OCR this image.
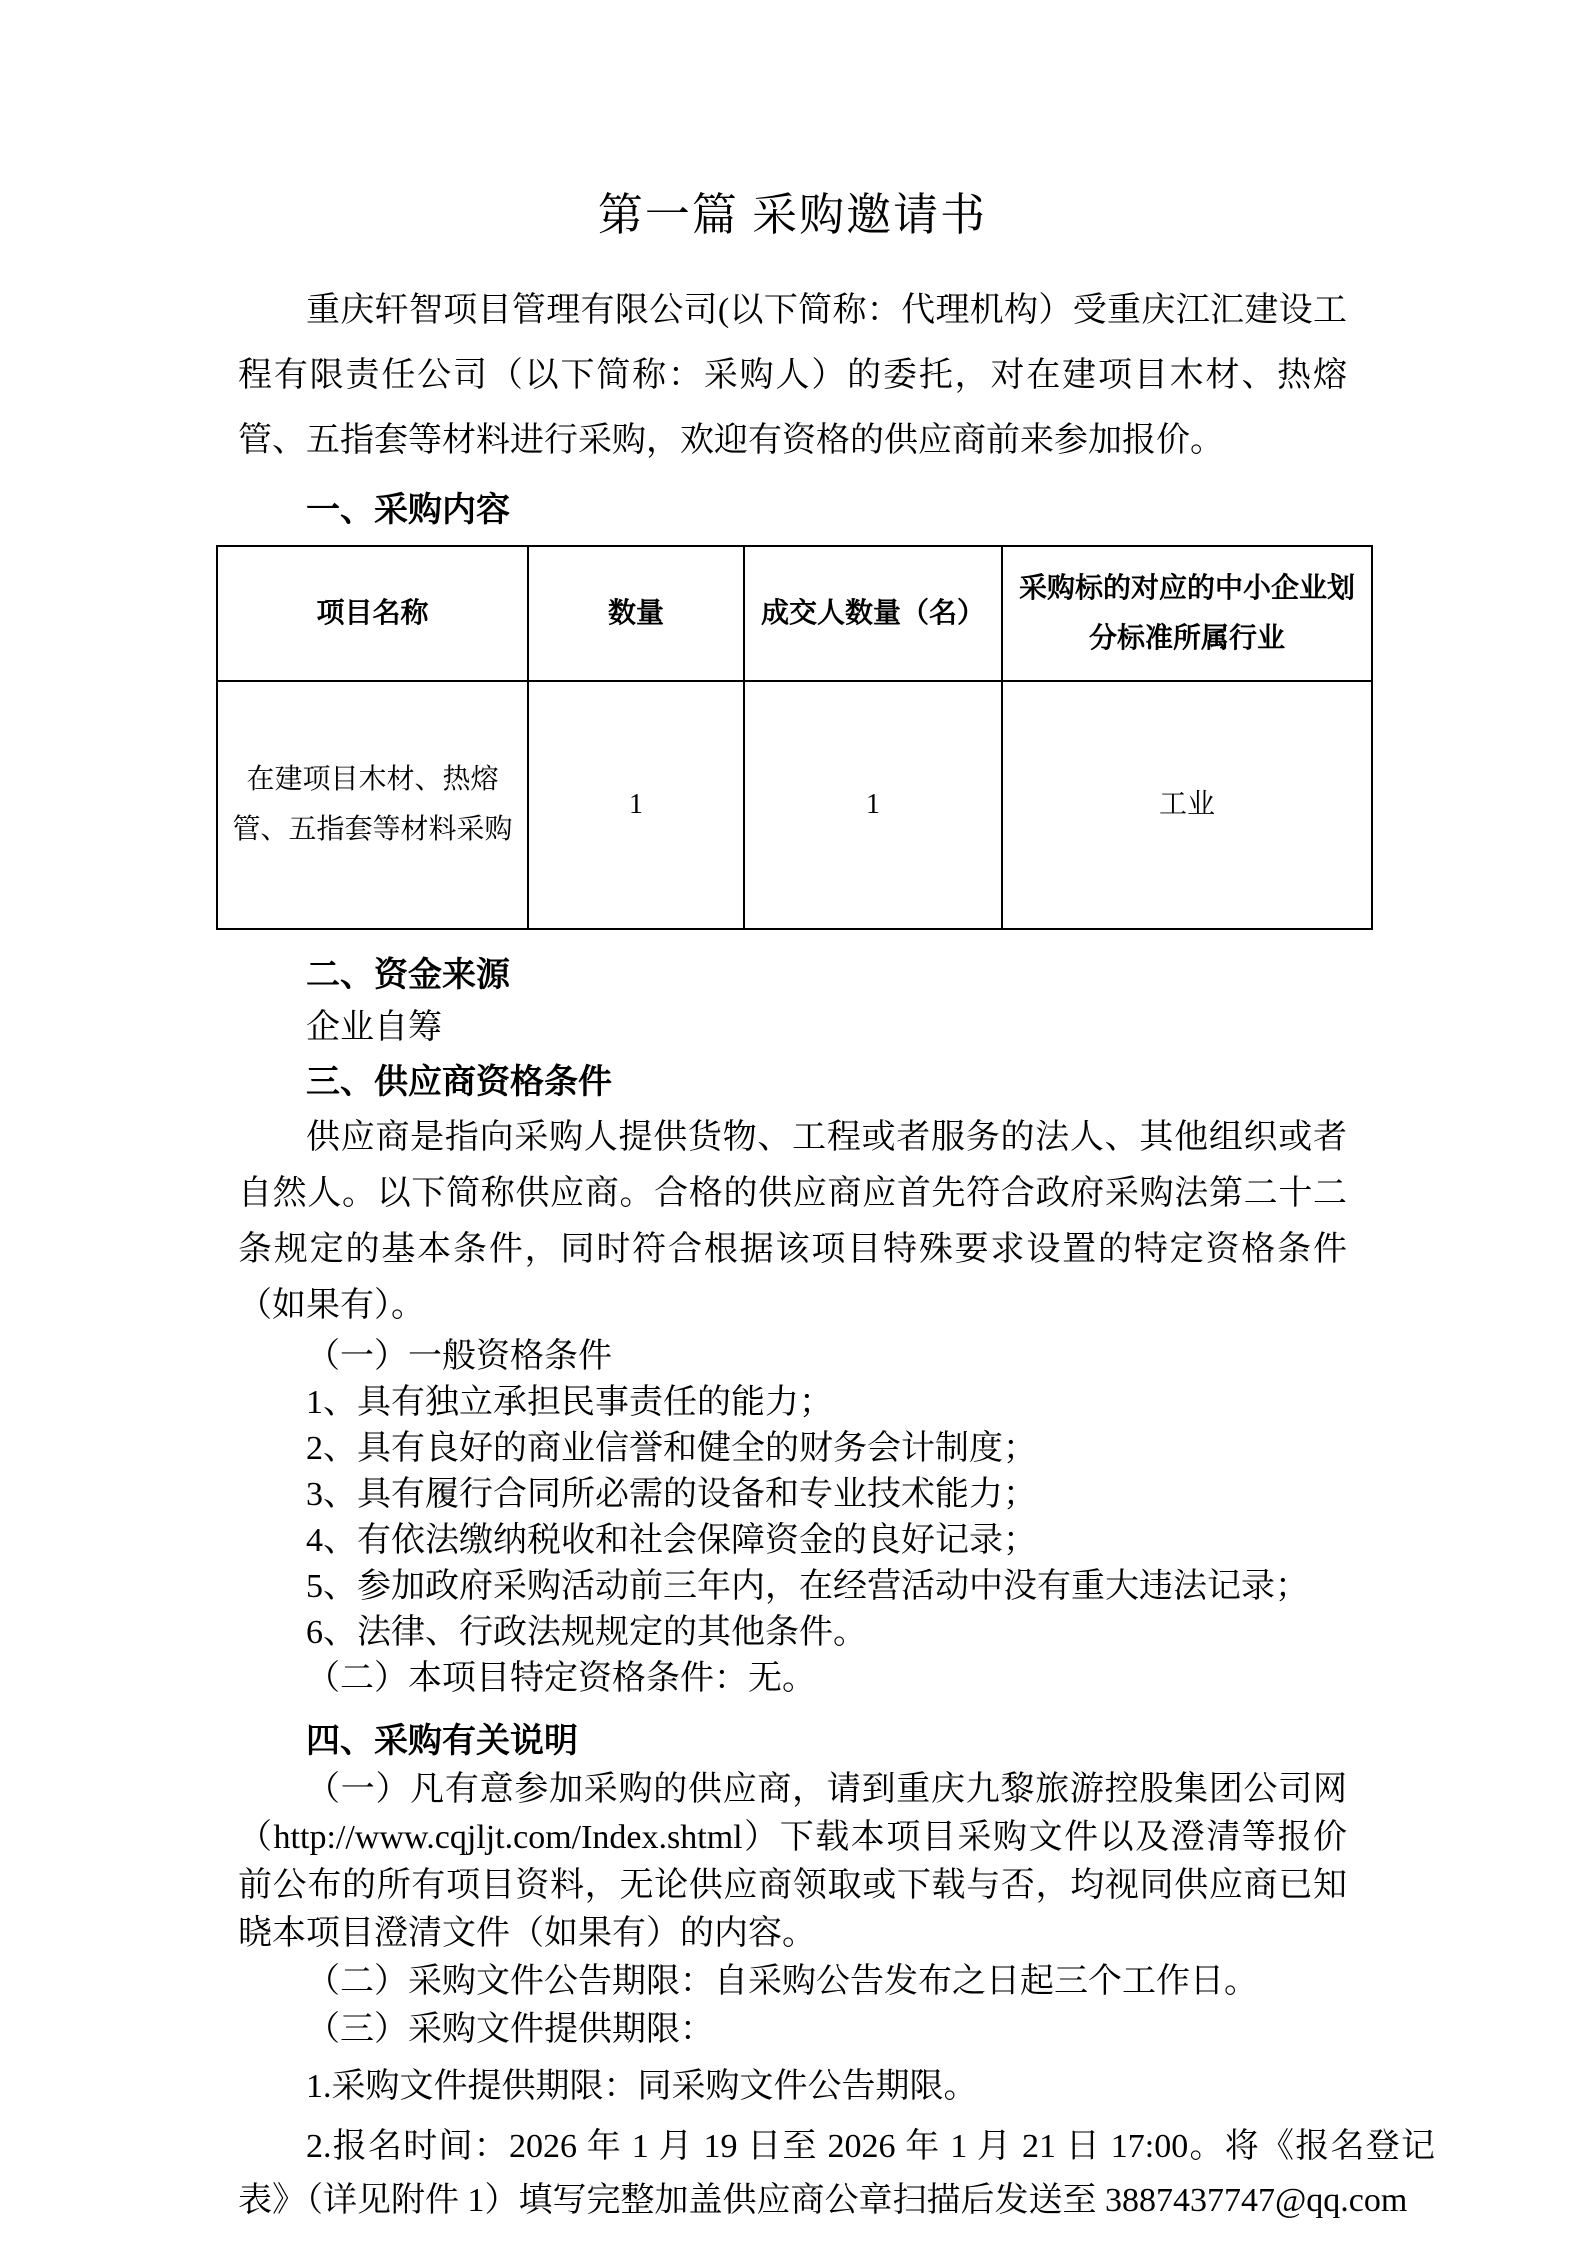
第一篇 采购邀请书

重庆轩智项目管理有限公司(以下简称：代理机构）受重庆江汇建设工程有限责任公司（以下简称：采购人）的委托，对在建项目木材、热熔管、五指套等材料进行采购，欢迎有资格的供应商前来参加报价。

一、采购内容
项目名称	数量	成交人数量（名）	采购标的对应的中小企业划分标准所属行业
在建项目木材、热熔管、五指套等材料采购	1	1	工业
二、资金来源
企业自筹
三、供应商资格条件

供应商是指向采购人提供货物、工程或者服务的法人、其他组织或者自然人。以下简称供应商。合格的供应商应首先符合政府采购法第二十二条规定的基本条件，同时符合根据该项目特殊要求设置的特定资格条件（如果有）。

（一）一般资格条件
1、具有独立承担民事责任的能力；
2、具有良好的商业信誉和健全的财务会计制度；
3、具有履行合同所必需的设备和专业技术能力；
4、有依法缴纳税收和社会保障资金的良好记录；
5、参加政府采购活动前三年内，在经营活动中没有重大违法记录；
6、法律、行政法规规定的其他条件。
（二）本项目特定资格条件：无。
四、采购有关说明

（一）凡有意参加采购的供应商，请到重庆九黎旅游控股集团公司网（http://www.cqjljt.com/Index.shtml）下载本项目采购文件以及澄清等报价前公布的所有项目资料，无论供应商领取或下载与否，均视同供应商已知晓本项目澄清文件（如果有）的内容。

（二）采购文件公告期限：自采购公告发布之日起三个工作日。
（三）采购文件提供期限：
1.采购文件提供期限：同采购文件公告期限。

2.报名时间：2026 年 1 月 19 日至 2026 年 1 月 21 日 17:00。将《报名登记表》（详见附件 1）填写完整加盖供应商公章扫描后发送至 3887437747@qq.com
